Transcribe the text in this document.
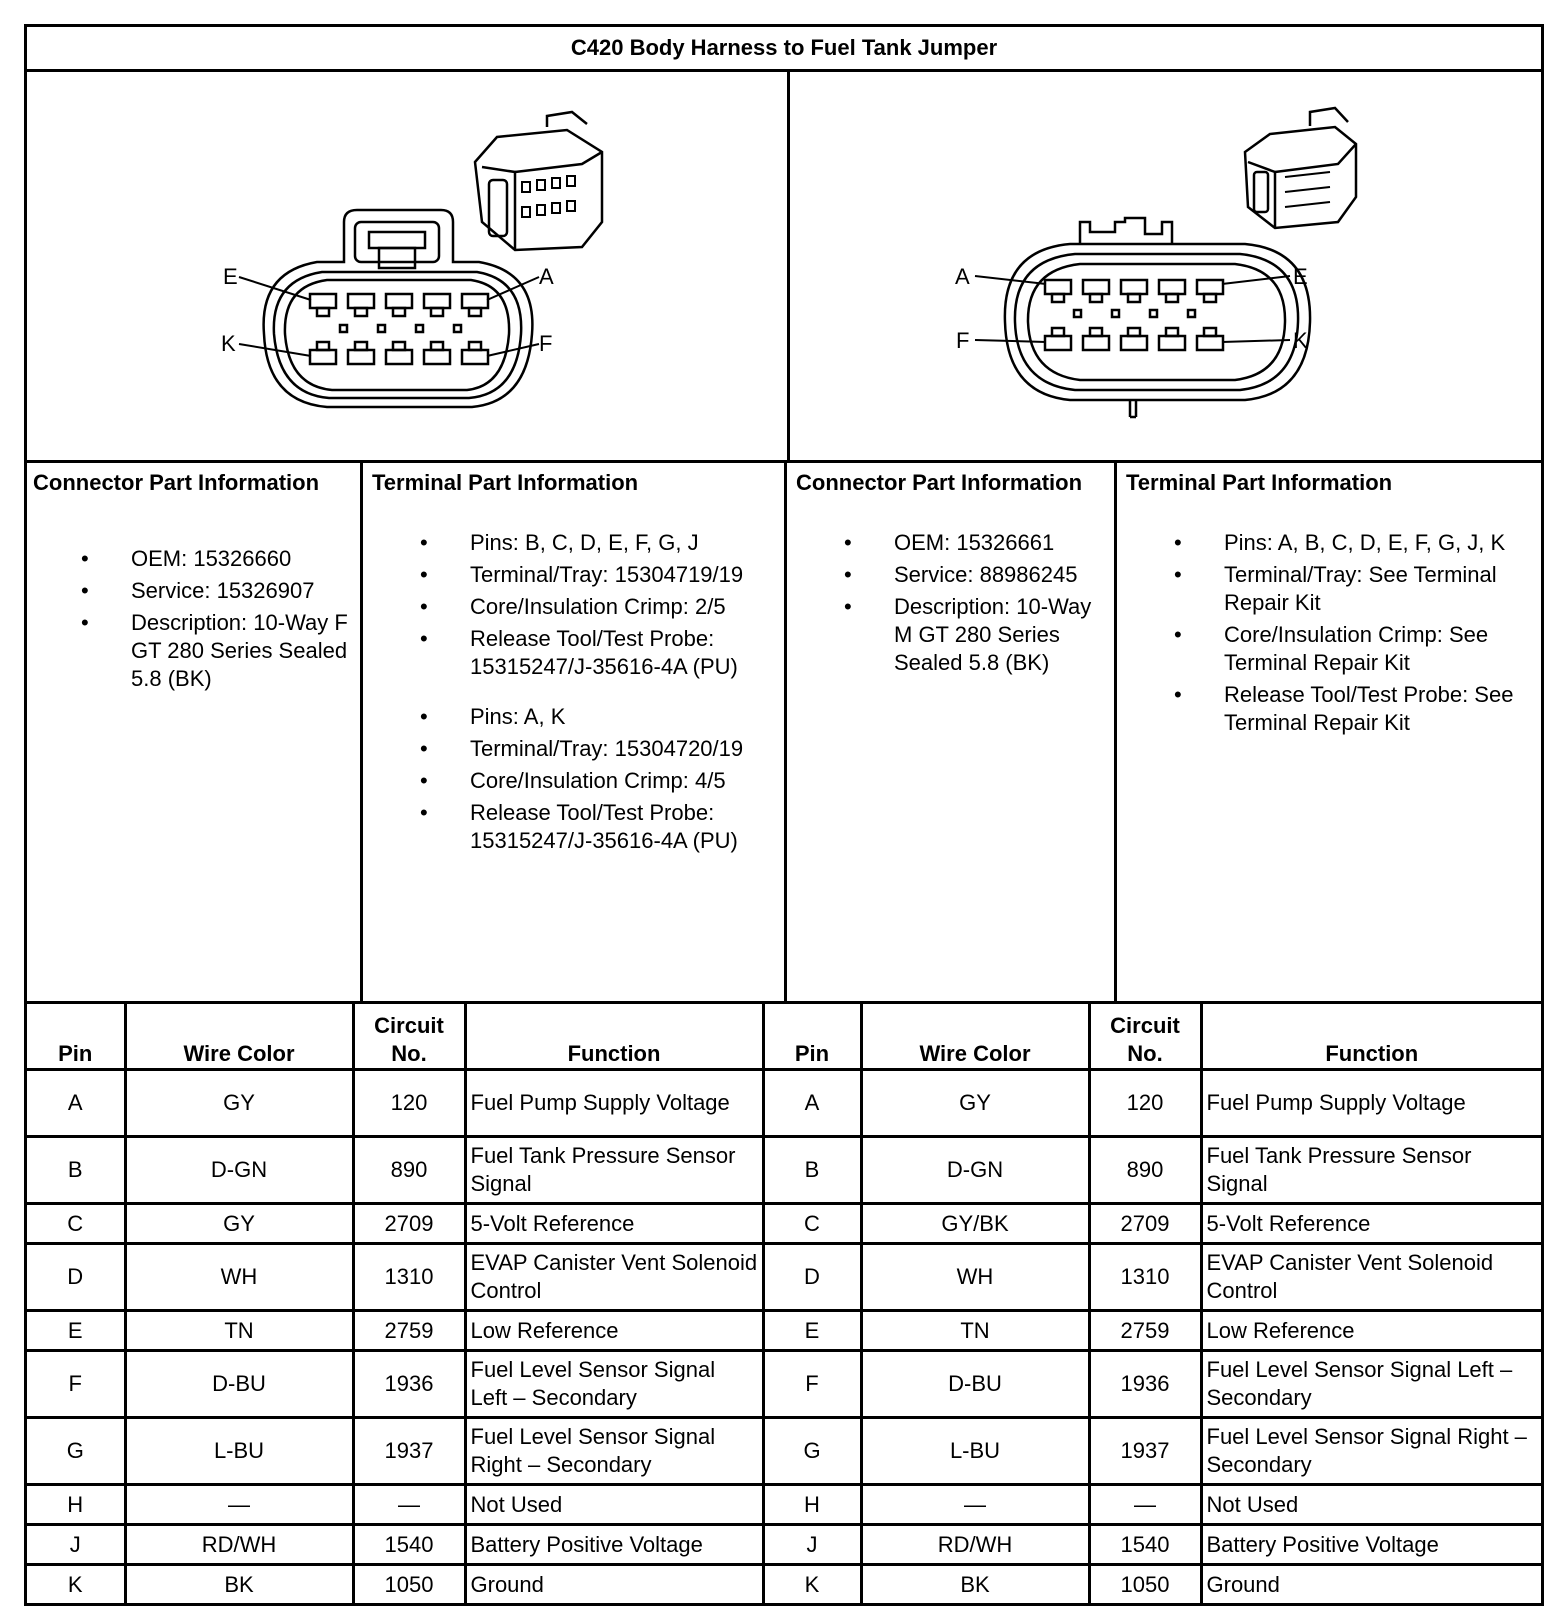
C420 Body Harness to Fuel Tank Jumper
E	A
K	F
A	E
F	K
Connector Part Information
• OEM: 15326660
• Service: 15326907
• Description: 10-Way F GT 280 Series Sealed 5.8 (BK)
Terminal Part Information
• Pins: B, C, D, E, F, G, J
• Terminal/Tray: 15304719/19
• Core/Insulation Crimp: 2/5
• Release Tool/Test Probe: 15315247/J-35616-4A (PU)
• Pins: A, K
• Terminal/Tray: 15304720/19
• Core/Insulation Crimp: 4/5
• Release Tool/Test Probe: 15315247/J-35616-4A (PU)
Connector Part Information
• OEM: 15326661
• Service: 88986245
• Description: 10-Way M GT 280 Series Sealed 5.8 (BK)
Terminal Part Information
• Pins: A, B, C, D, E, F, G, J, K
• Terminal/Tray: See Terminal Repair Kit
• Core/Insulation Crimp: See Terminal Repair Kit
• Release Tool/Test Probe: See Terminal Repair Kit
Pin	Wire Color	Circuit No.	Function	Pin	Wire Color	Circuit No.	Function
A	GY	120	Fuel Pump Supply Voltage	A	GY	120	Fuel Pump Supply Voltage
B	D-GN	890	Fuel Tank Pressure Sensor Signal	B	D-GN	890	Fuel Tank Pressure Sensor Signal
C	GY	2709	5-Volt Reference	C	GY/BK	2709	5-Volt Reference
D	WH	1310	EVAP Canister Vent Solenoid Control	D	WH	1310	EVAP Canister Vent Solenoid Control
E	TN	2759	Low Reference	E	TN	2759	Low Reference
F	D-BU	1936	Fuel Level Sensor Signal Left – Secondary	F	D-BU	1936	Fuel Level Sensor Signal Left – Secondary
G	L-BU	1937	Fuel Level Sensor Signal Right – Secondary	G	L-BU	1937	Fuel Level Sensor Signal Right – Secondary
H	—	—	Not Used	H	—	—	Not Used
J	RD/WH	1540	Battery Positive Voltage	J	RD/WH	1540	Battery Positive Voltage
K	BK	1050	Ground	K	BK	1050	Ground
